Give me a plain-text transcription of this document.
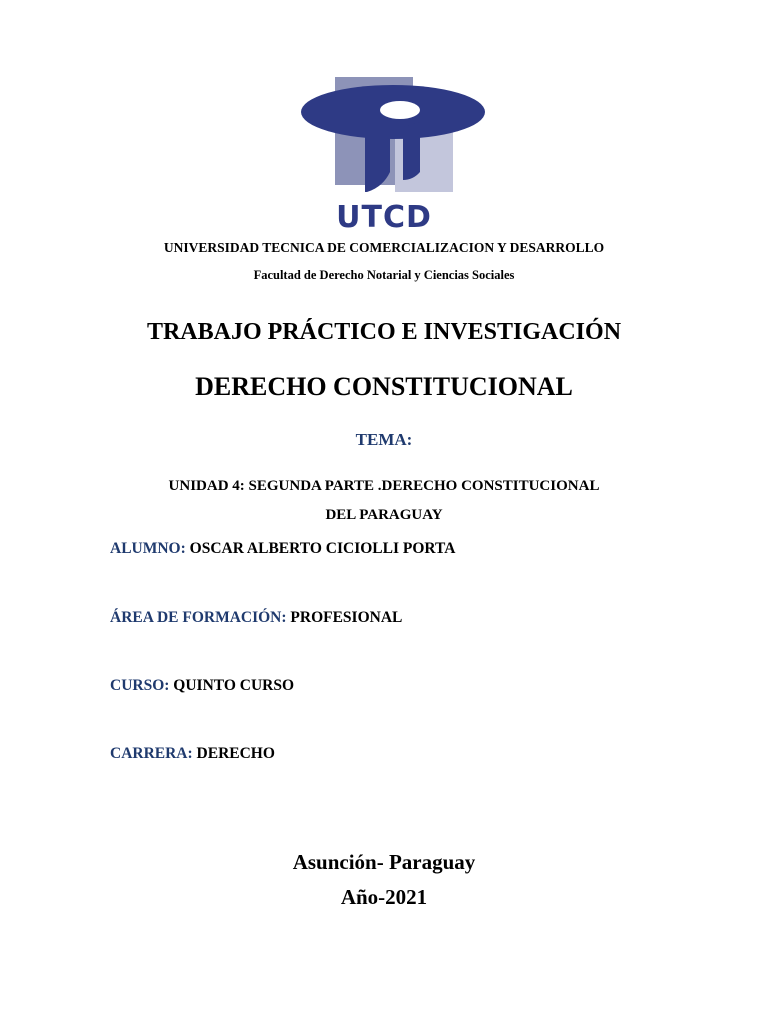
UTCD
UNIVERSIDAD TECNICA DE COMERCIALIZACION Y DESARROLLO
Facultad de Derecho Notarial y Ciencias Sociales
TRABAJO PRÁCTICO E INVESTIGACIÓN
DERECHO CONSTITUCIONAL
TEMA:
UNIDAD 4: SEGUNDA PARTE .DERECHO CONSTITUCIONAL
DEL PARAGUAY
ALUMNO: OSCAR ALBERTO CICIOLLI PORTA
ÁREA DE FORMACIÓN: PROFESIONAL
CURSO: QUINTO CURSO
CARRERA: DERECHO
Asunción- Paraguay
Año-2021
